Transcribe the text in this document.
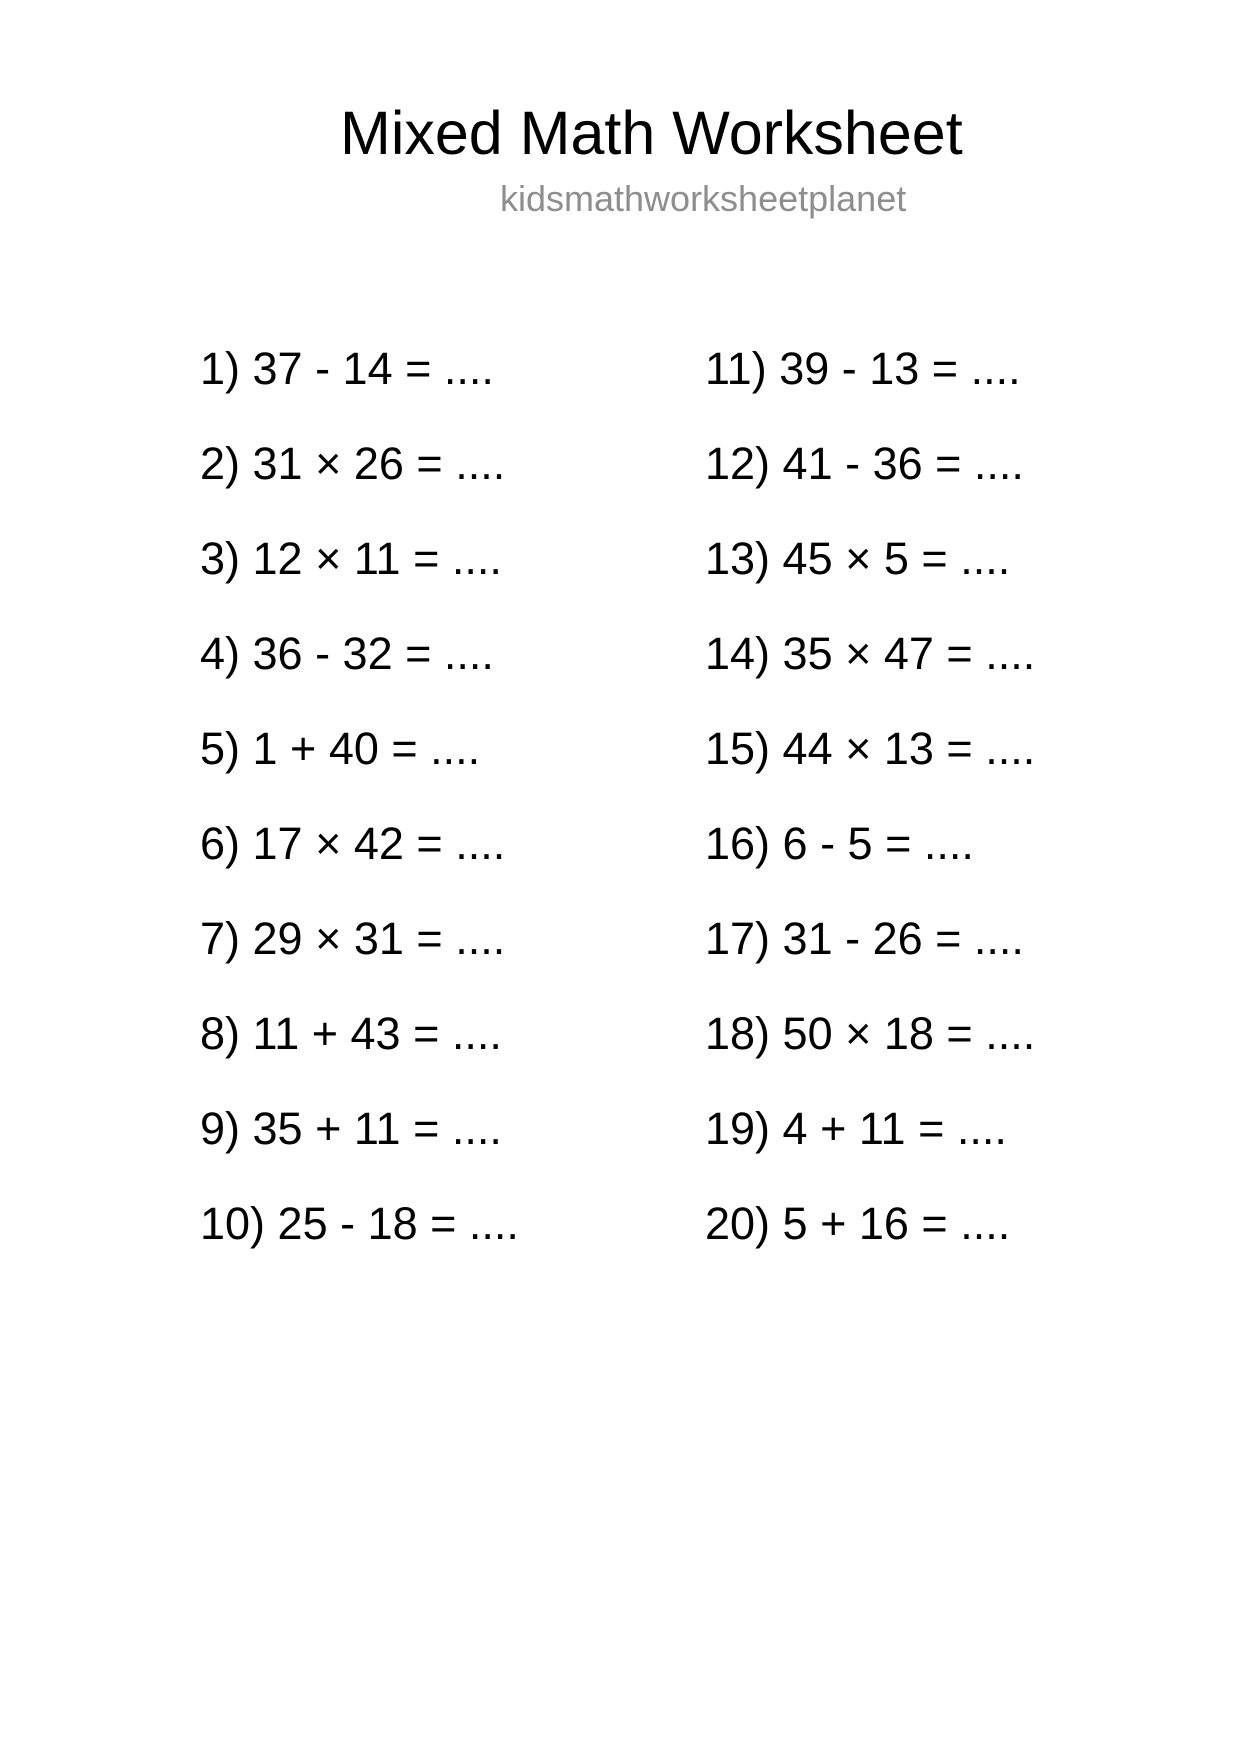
Mixed Math Worksheet
kidsmathworksheetplanet
1) 37 - 14 = ....
2) 31 × 26 = ....
3) 12 × 11 = ....
4) 36 - 32 = ....
5) 1 + 40 = ....
6) 17 × 42 = ....
7) 29 × 31 = ....
8) 11 + 43 = ....
9) 35 + 11 = ....
10) 25 - 18 = ....
11) 39 - 13 = ....
12) 41 - 36 = ....
13) 45 × 5 = ....
14) 35 × 47 = ....
15) 44 × 13 = ....
16) 6 - 5 = ....
17) 31 - 26 = ....
18) 50 × 18 = ....
19) 4 + 11 = ....
20) 5 + 16 = ....
